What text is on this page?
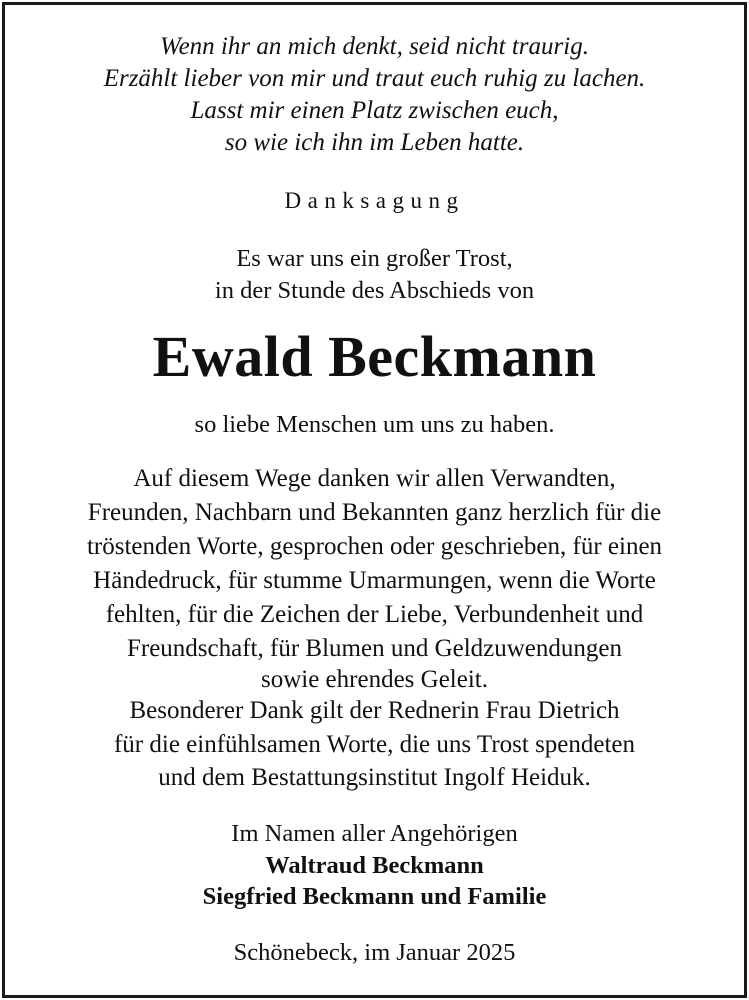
Wenn ihr an mich denkt, seid nicht traurig.
Erzählt lieber von mir und traut euch ruhig zu lachen.
Lasst mir einen Platz zwischen euch,
so wie ich ihn im Leben hatte.
Danksagung
Es war uns ein großer Trost,
in der Stunde des Abschieds von
Ewald Beckmann
so liebe Menschen um uns zu haben.
Auf diesem Wege danken wir allen Verwandten,
Freunden, Nachbarn und Bekannten ganz herzlich für die
tröstenden Worte, gesprochen oder geschrieben, für einen
Händedruck, für stumme Umarmungen, wenn die Worte
fehlten, für die Zeichen der Liebe, Verbundenheit und
Freundschaft, für Blumen und Geldzuwendungen
sowie ehrendes Geleit.
Besonderer Dank gilt der Rednerin Frau Dietrich
für die einfühlsamen Worte, die uns Trost spendeten
und dem Bestattungsinstitut Ingolf Heiduk.
Im Namen aller Angehörigen
Waltraud Beckmann
Siegfried Beckmann und Familie
Schönebeck, im Januar 2025
